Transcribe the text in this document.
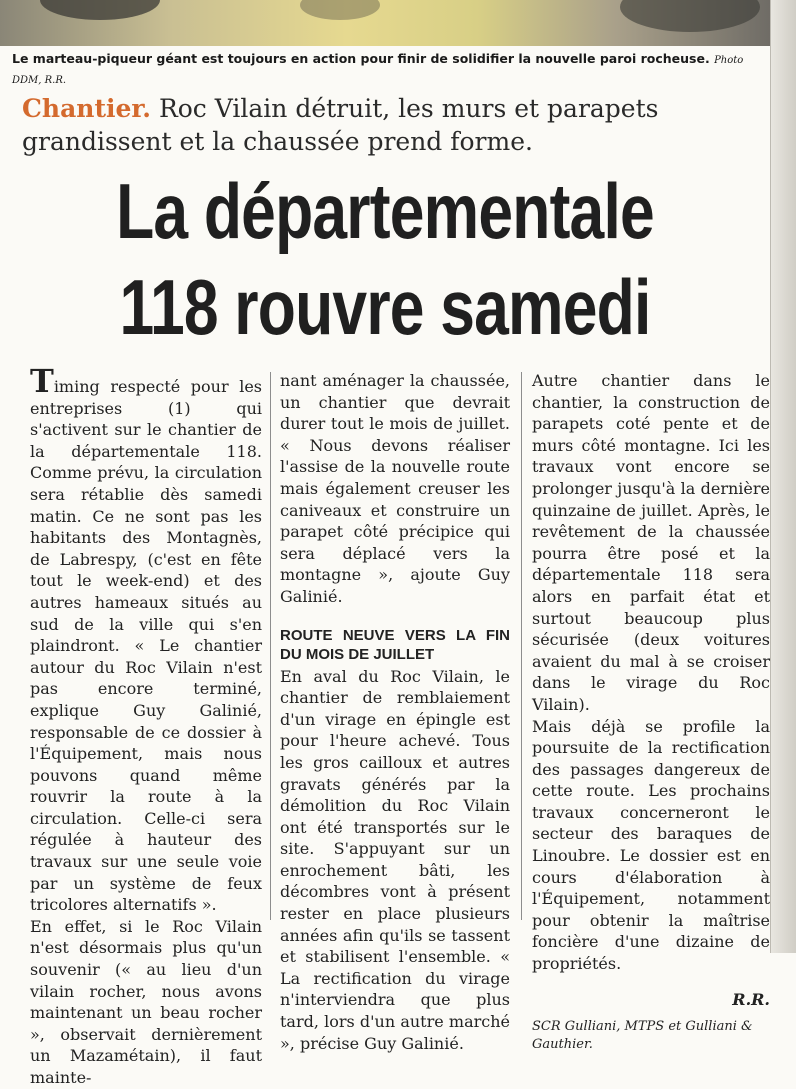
Le marteau-piqueur géant est toujours en action pour finir de solidifier la nouvelle paroi rocheuse. Photo DDM, R.R.
Chantier. Roc Vilain détruit, les murs et parapets grandissent et la chaussée prend forme.
La départementale
118 rouvre samedi

Timing respecté pour les entreprises (1) qui s'activent sur le chantier de la départementale 118. Comme prévu, la circulation sera rétablie dès samedi matin. Ce ne sont pas les habitants des Montagnès, de Labrespy, (c'est en fête tout le week-end) et des autres hameaux situés au sud de la ville qui s'en plaindront. « Le chantier autour du Roc Vilain n'est pas encore terminé, explique Guy Galinié, responsable de ce dossier à l'Équipement, mais nous pouvons quand même rouvrir la route à la circulation. Celle-ci sera régulée à hauteur des travaux sur une seule voie par un système de feux tricolores alternatifs ».

En effet, si le Roc Vilain n'est désormais plus qu'un souvenir (« au lieu d'un vilain rocher, nous avons maintenant un beau rocher », observait dernièrement un Mazamétain), il faut mainte-

nant aménager la chaussée, un chantier que devrait durer tout le mois de juillet. « Nous devons réaliser l'assise de la nouvelle route mais également creuser les caniveaux et construire un parapet côté précipice qui sera déplacé vers la montagne », ajoute Guy Galinié.

ROUTE NEUVE VERS LA FIN DU MOIS DE JUILLET

En aval du Roc Vilain, le chantier de remblaiement d'un virage en épingle est pour l'heure achevé. Tous les gros cailloux et autres gravats générés par la démolition du Roc Vilain ont été transportés sur le site. S'appuyant sur un enrochement bâti, les décombres vont à présent rester en place plusieurs années afin qu'ils se tassent et stabilisent l'ensemble. « La rectification du virage n'interviendra que plus tard, lors d'un autre marché », précise Guy Galinié.

Autre chantier dans le chantier, la construction de parapets coté pente et de murs côté montagne. Ici les travaux vont encore se prolonger jusqu'à la dernière quinzaine de juillet. Après, le revêtement de la chaussée pourra être posé et la départementale 118 sera alors en parfait état et surtout beaucoup plus sécurisée (deux voitures avaient du mal à se croiser dans le virage du Roc Vilain).

Mais déjà se profile la poursuite de la rectification des passages dangereux de cette route. Les prochains travaux concerneront le secteur des baraques de Linoubre. Le dossier est en cours d'élaboration à l'Équipement, notamment pour obtenir la maîtrise foncière d'une dizaine de propriétés.

R.R.
SCR Gulliani, MTPS et Gulliani & Gauthier.
